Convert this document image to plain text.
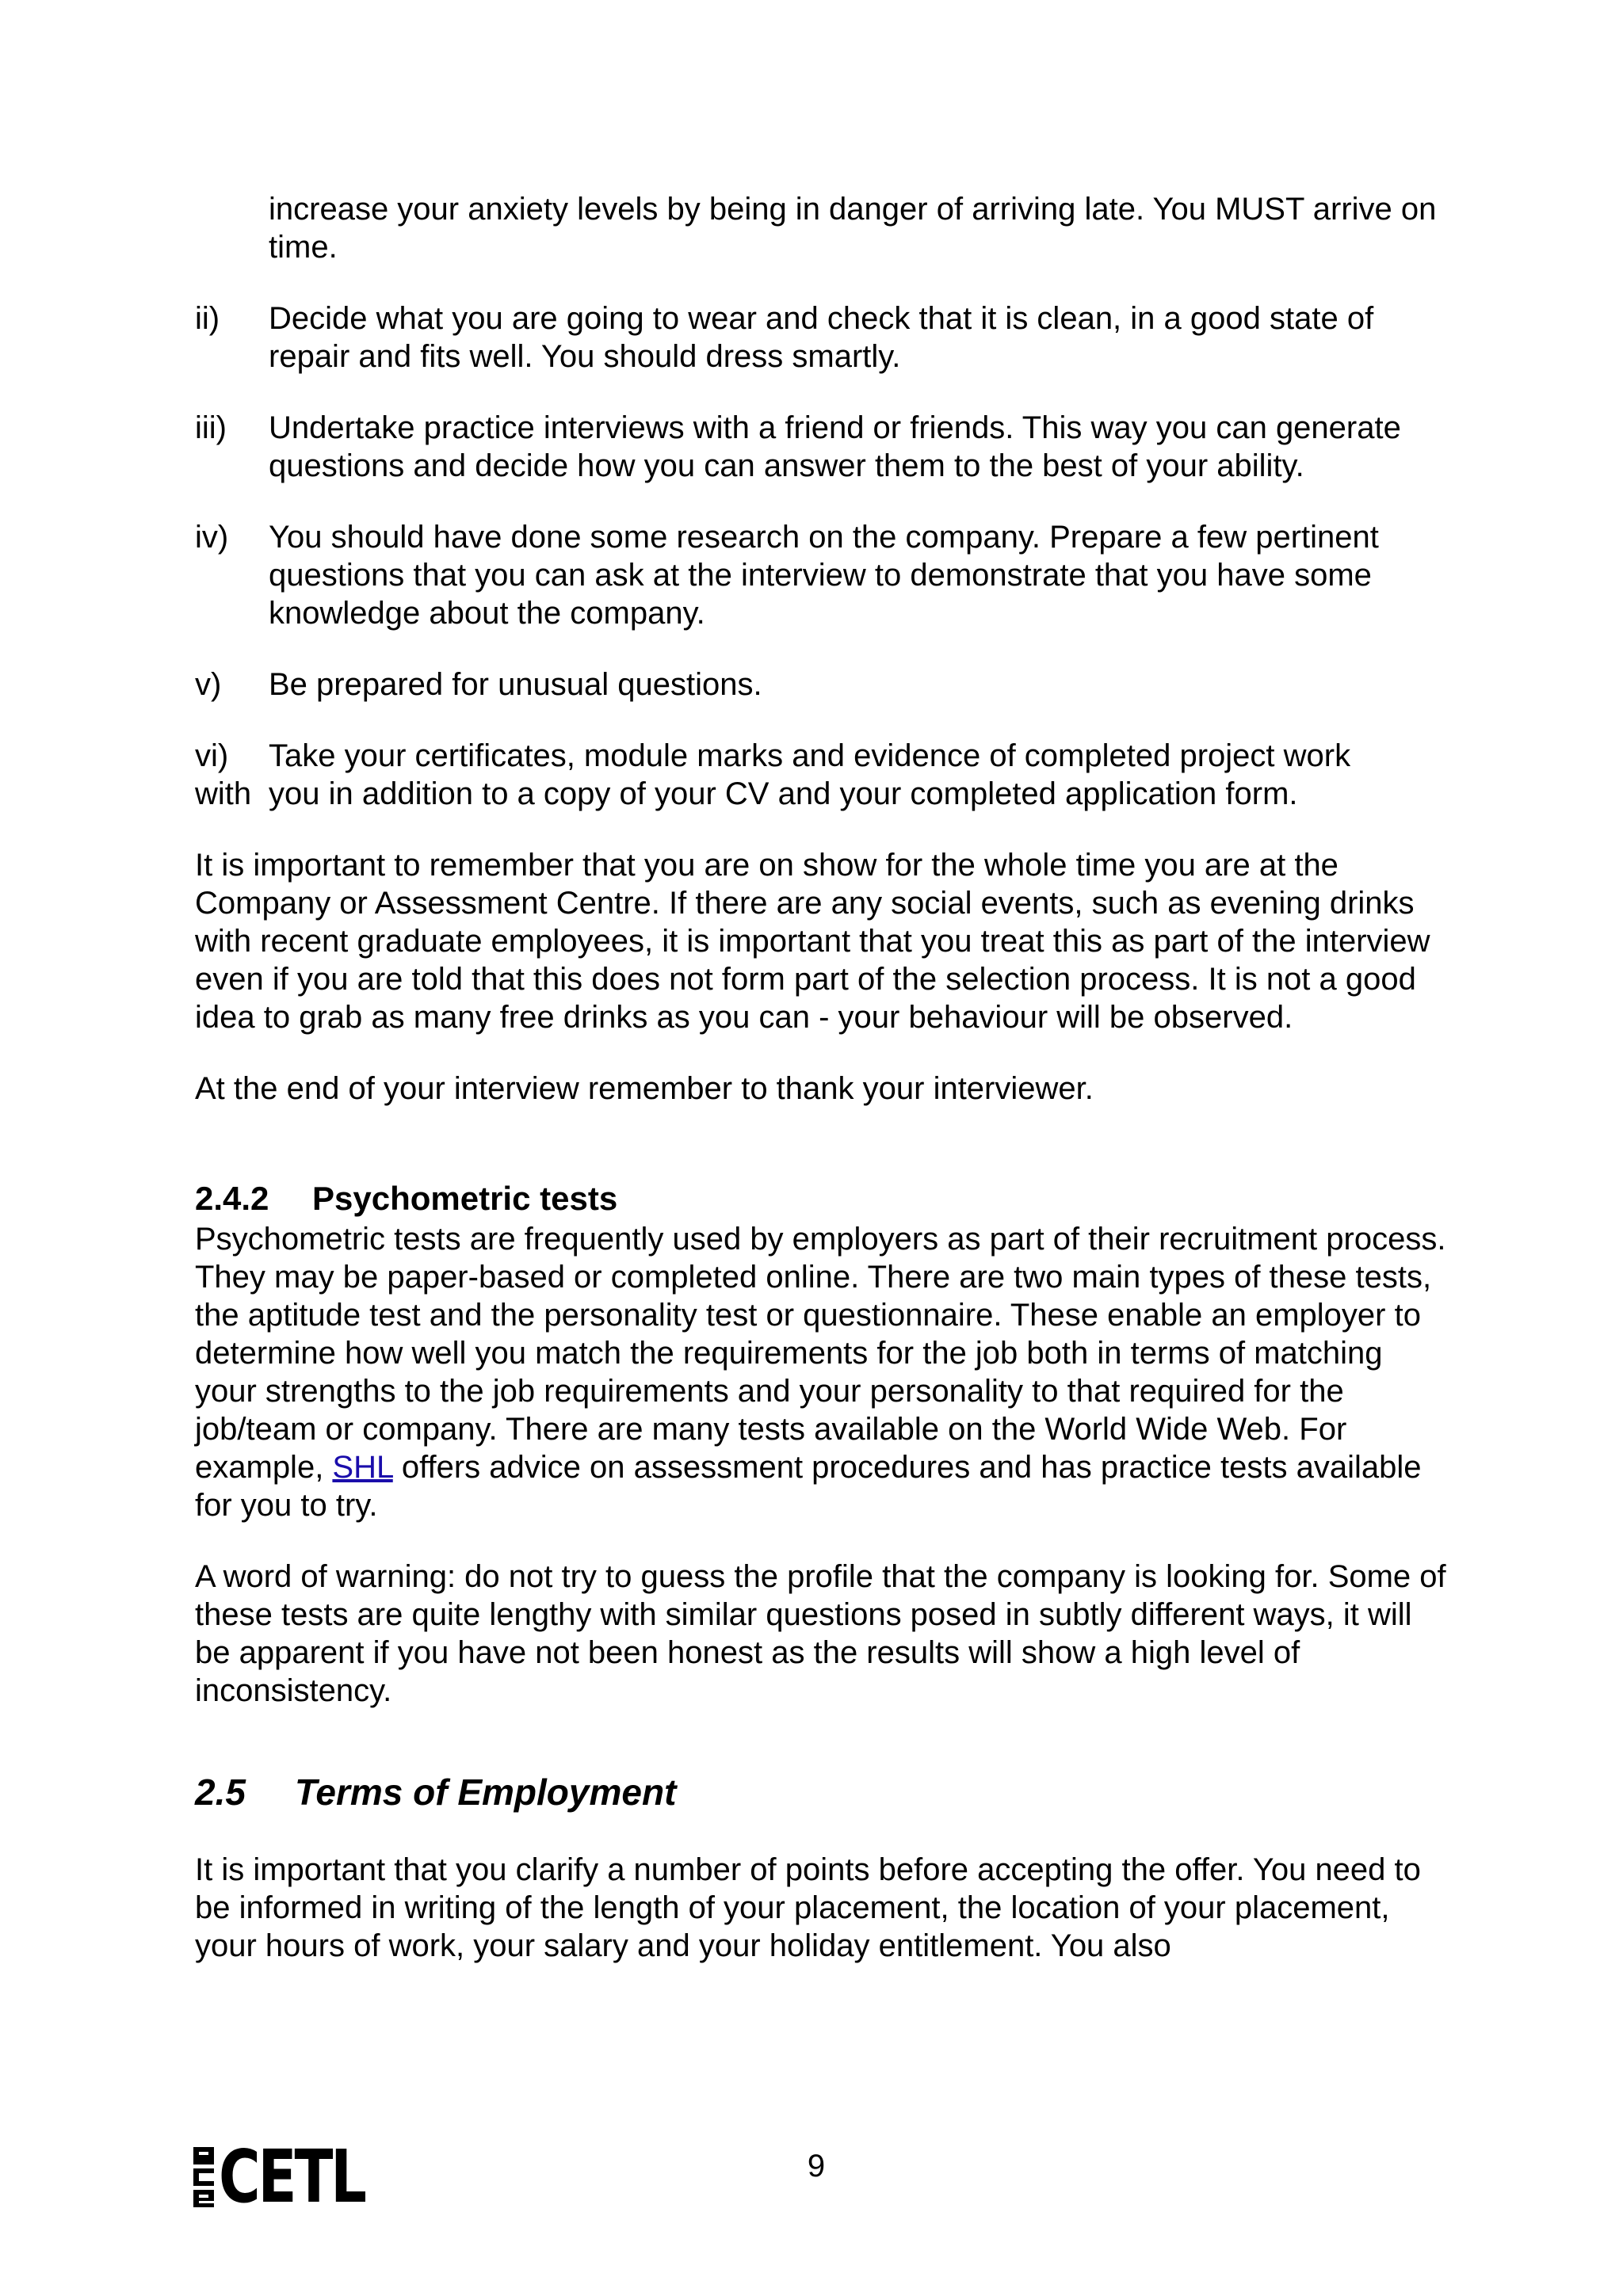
increase your anxiety levels by being in danger of arriving late. You MUST arrive on time.

ii)	Decide what you are going to wear and check that it is clean, in a good state of repair and fits well. You should dress smartly.
iii)	Undertake practice interviews with a friend or friends. This way you can generate questions and decide how you can answer them to the best of your ability.
iv)	You should have done some research on the company. Prepare a few pertinent questions that you can ask at the interview to demonstrate that you have some knowledge about the company.
v)	Be prepared for unusual questions.
vi)	Take your certificates, module marks and evidence of completed project work
with you in addition to a copy of your CV and your completed application form.

It is important to remember that you are on show for the whole time you are at the Company or Assessment Centre. If there are any social events, such as evening drinks with recent graduate employees, it is important that you treat this as part of the interview even if you are told that this does not form part of the selection process. It is not a good idea to grab as many free drinks as you can - your behaviour will be observed.

At the end of your interview remember to thank your interviewer.

2.4.2	Psychometric tests

Psychometric tests are frequently used by employers as part of their recruitment process. They may be paper-based or completed online. There are two main types of these tests, the aptitude test and the personality test or questionnaire. These enable an employer to determine how well you match the requirements for the job both in terms of matching your strengths to the job requirements and your personality to that required for the job/team or company. There are many tests available on the World Wide Web. For example, SHL offers advice on assessment procedures and has practice tests available for you to try.

A word of warning: do not try to guess the profile that the company is looking for. Some of these tests are quite lengthy with similar questions posed in subtly different ways, it will be apparent if you have not been honest as the results will show a high level of inconsistency.

2.5	Terms of Employment

It is important that you clarify a number of points before accepting the offer. You need to be informed in writing of the length of your placement, the location of your placement, your hours of work, your salary and your holiday entitlement. You also

CETL	9
